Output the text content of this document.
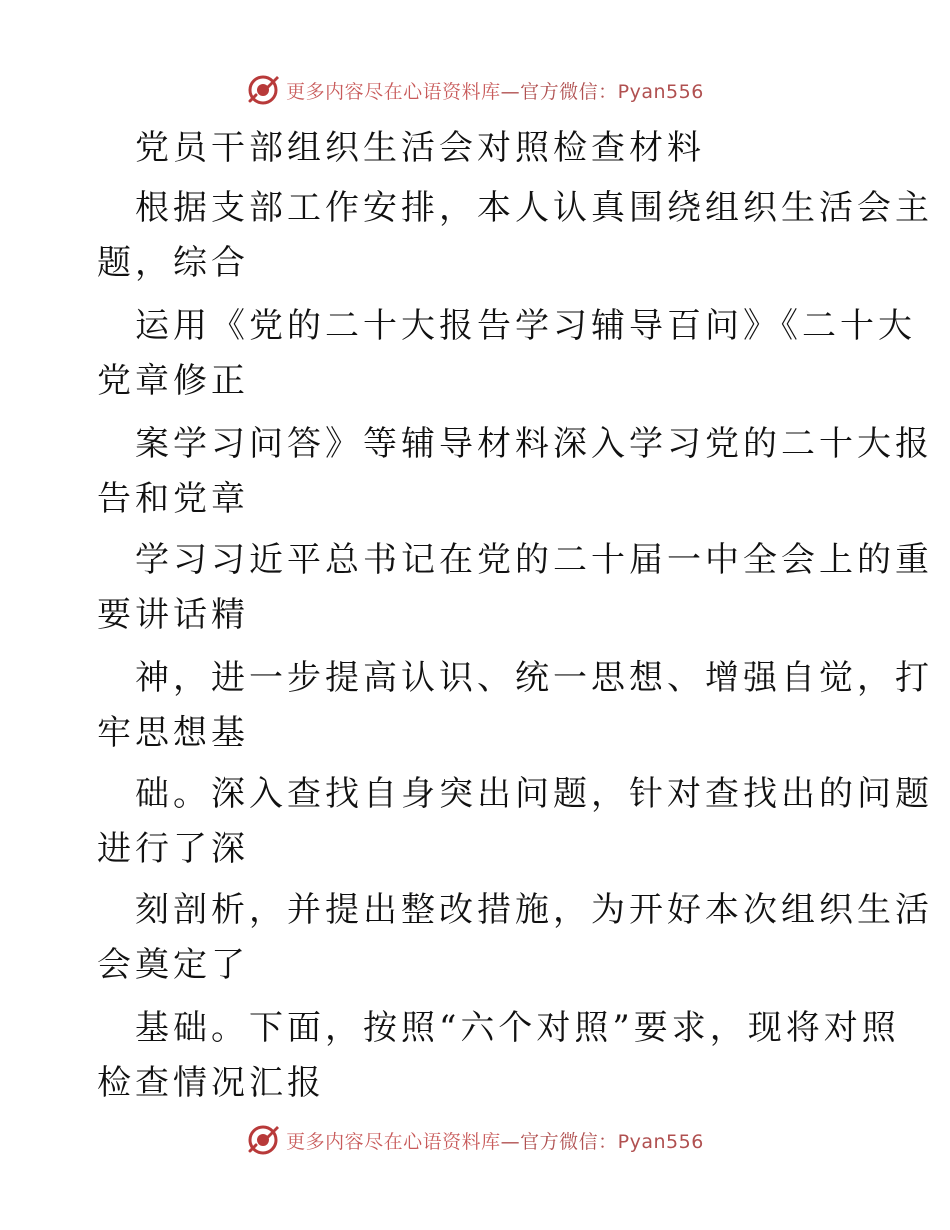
更多内容尽在心语资料库—官方微信：Pyan556
党员干部组织生活会对照检查材料
根据支部工作安排，本人认真围绕组织生活会主
题，综合
运用《党的二十大报告学习辅导百问》《二十大
党章修正
案学习问答》等辅导材料深入学习党的二十大报
告和党章
学习习近平总书记在党的二十届一中全会上的重
要讲话精
神，进一步提高认识、统一思想、增强自觉，打
牢思想基
础。深入查找自身突出问题，针对查找出的问题
进行了深
刻剖析，并提出整改措施，为开好本次组织生活
会奠定了
基础。下面，按照“六个对照”要求，现将对照
检查情况汇报
更多内容尽在心语资料库—官方微信：Pyan556
